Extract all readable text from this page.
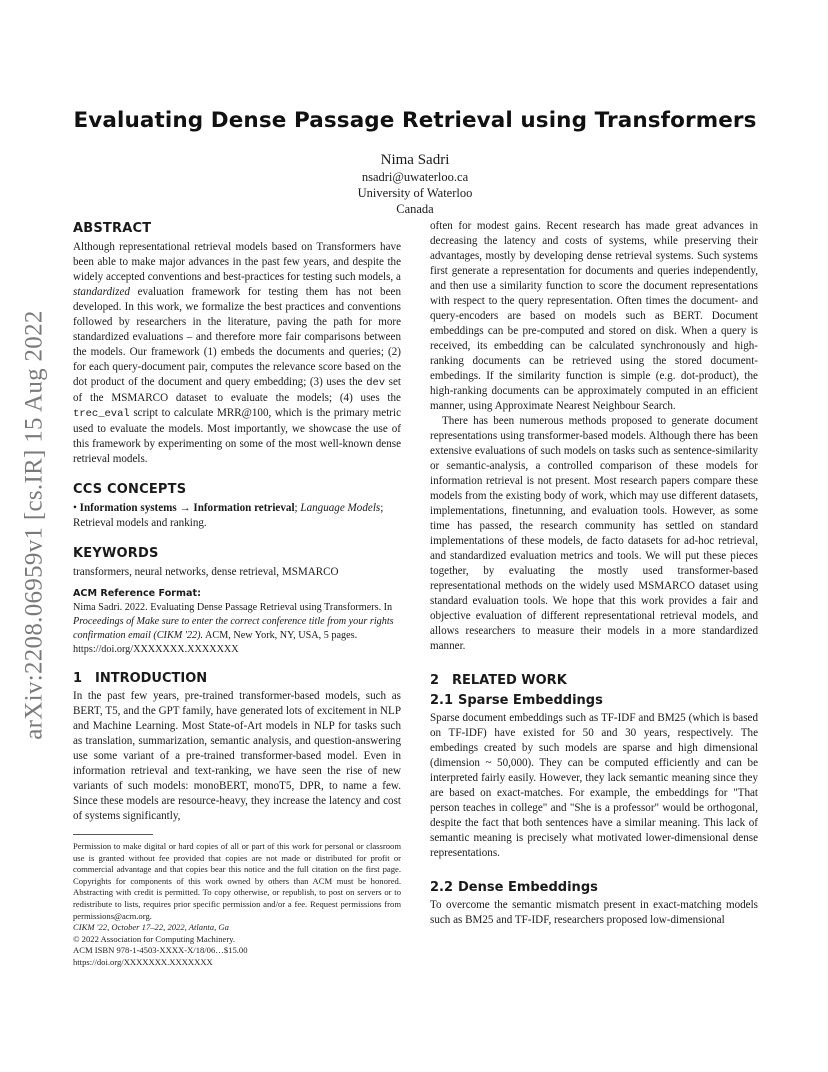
arXiv:2208.06959v1 [cs.IR] 15 Aug 2022
Evaluating Dense Passage Retrieval using Transformers
Nima Sadri
nsadri@uwaterloo.ca
University of Waterloo
Canada
ABSTRACT

Although representational retrieval models based on Transformers have been able to make major advances in the past few years, and despite the widely accepted conventions and best-practices for testing such models, a standardized evaluation framework for testing them has not been developed. In this work, we formalize the best practices and conventions followed by researchers in the literature, paving the path for more standardized evaluations – and therefore more fair comparisons between the models. Our framework (1) embeds the documents and queries; (2) for each query-document pair, computes the relevance score based on the dot product of the document and query embedding; (3) uses the dev set of the MSMARCO dataset to evaluate the models; (4) uses the trec_eval script to calculate MRR@100, which is the primary metric used to evaluate the models. Most importantly, we showcase the use of this framework by experimenting on some of the most well-known dense retrieval models.

CCS CONCEPTS

• Information systems → Information retrieval; Language Models; Retrieval models and ranking.

KEYWORDS

transformers, neural networks, dense retrieval, MSMARCO

ACM Reference Format:

Nima Sadri. 2022. Evaluating Dense Passage Retrieval using Transformers. In Proceedings of Make sure to enter the correct conference title from your rights confirmation email (CIKM '22). ACM, New York, NY, USA, 5 pages. https://doi.org/XXXXXXX.XXXXXXX

1 INTRODUCTION

In the past few years, pre-trained transformer-based models, such as BERT, T5, and the GPT family, have generated lots of excitement in NLP and Machine Learning. Most State-of-Art models in NLP for tasks such as translation, summarization, semantic analysis, and question-answering use some variant of a pre-trained transformer-based model. Even in information retrieval and text-ranking, we have seen the rise of new variants of such models: monoBERT, monoT5, DPR, to name a few. Since these models are resource-heavy, they increase the latency and cost of systems significantly,

Permission to make digital or hard copies of all or part of this work for personal or classroom use is granted without fee provided that copies are not made or distributed for profit or commercial advantage and that copies bear this notice and the full citation on the first page. Copyrights for components of this work owned by others than ACM must be honored. Abstracting with credit is permitted. To copy otherwise, or republish, to post on servers or to redistribute to lists, requires prior specific permission and/or a fee. Request permissions from permissions@acm.org.

CIKM '22, October 17–22, 2022, Atlanta, Ga

© 2022 Association for Computing Machinery.

ACM ISBN 978-1-4503-XXXX-X/18/06…$15.00

https://doi.org/XXXXXXX.XXXXXXX

often for modest gains. Recent research has made great advances in decreasing the latency and costs of systems, while preserving their advantages, mostly by developing dense retrieval systems. Such systems first generate a representation for documents and queries independently, and then use a similarity function to score the document representations with respect to the query representation. Often times the document- and query-encoders are based on models such as BERT. Document embeddings can be pre-computed and stored on disk. When a query is received, its embedding can be calculated synchronously and high-ranking documents can be retrieved using the stored document-embedings. If the similarity function is simple (e.g. dot-product), the high-ranking documents can be approximately computed in an efficient manner, using Approximate Nearest Neighbour Search.

There has been numerous methods proposed to generate document representations using transformer-based models. Although there has been extensive evaluations of such models on tasks such as sentence-similarity or semantic-analysis, a controlled comparison of these models for information retrieval is not present. Most research papers compare these models from the existing body of work, which may use different datasets, implementations, finetunning, and evaluation tools. However, as some time has passed, the research community has settled on standard implementations of these models, de facto datasets for ad-hoc retrieval, and standardized evaluation metrics and tools. We will put these pieces together, by evaluating the mostly used transformer-based representational methods on the widely used MSMARCO dataset using standard evaluation tools. We hope that this work provides a fair and objective evaluation of different representational retrieval models, and allows researchers to measure their models in a more standardized manner.

2 RELATED WORK
2.1 Sparse Embeddings

Sparse document embeddings such as TF-IDF and BM25 (which is based on TF-IDF) have existed for 50 and 30 years, respectively. The embedings created by such models are sparse and high dimensional (dimension ~ 50,000). They can be computed efficiently and can be interpreted fairly easily. However, they lack semantic meaning since they are based on exact-matches. For example, the embeddings for "That person teaches in college" and "She is a professor" would be orthogonal, despite the fact that both sentences have a similar meaning. This lack of semantic meaning is precisely what motivated lower-dimensional dense representations.

2.2 Dense Embeddings

To overcome the semantic mismatch present in exact-matching models such as BM25 and TF-IDF, researchers proposed low-dimensional
